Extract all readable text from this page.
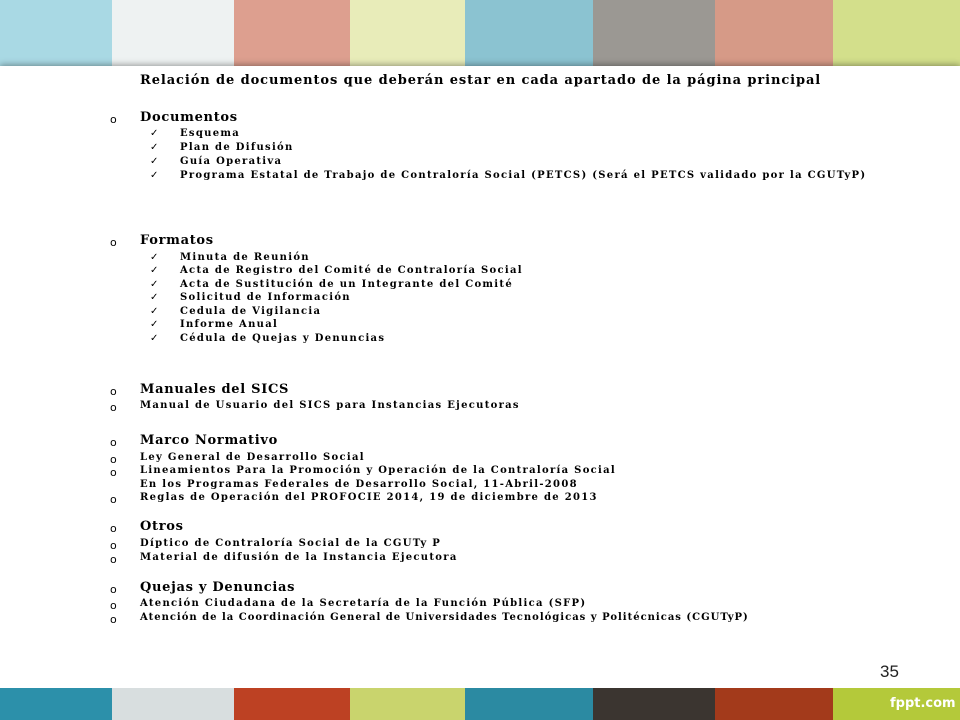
Relación de documentos que deberán estar en cada apartado de la página principal
o Documentos
✓ Esquema
✓ Plan de Difusión
✓ Guía Operativa
✓ Programa Estatal de Trabajo de Contraloría Social (PETCS) (Será el PETCS validado por la CGUTyP)
o Formatos
✓ Minuta de Reunión
✓ Acta de Registro del Comité de Contraloría Social
✓ Acta de Sustitución de un Integrante del Comité
✓ Solicitud de Información
✓ Cedula de Vigilancia
✓ Informe Anual
✓ Cédula de Quejas y Denuncias
o Manuales del SICS
o Manual de Usuario del SICS para Instancias Ejecutoras
o Marco Normativo
o Ley General de Desarrollo Social
o Lineamientos Para la Promoción y Operación de la Contraloría Social
En los Programas Federales de Desarrollo Social, 11-Abril-2008
o Reglas de Operación del PROFOCIE 2014, 19 de diciembre de 2013
o Otros
o Díptico de Contraloría Social de la CGUTy P
o Material de difusión de la Instancia Ejecutora
o Quejas y Denuncias
o Atención Ciudadana de la Secretaría de la Función Pública (SFP)
o Atención de la Coordinación General de Universidades Tecnológicas y Politécnicas (CGUTyP)
35
fppt.com
